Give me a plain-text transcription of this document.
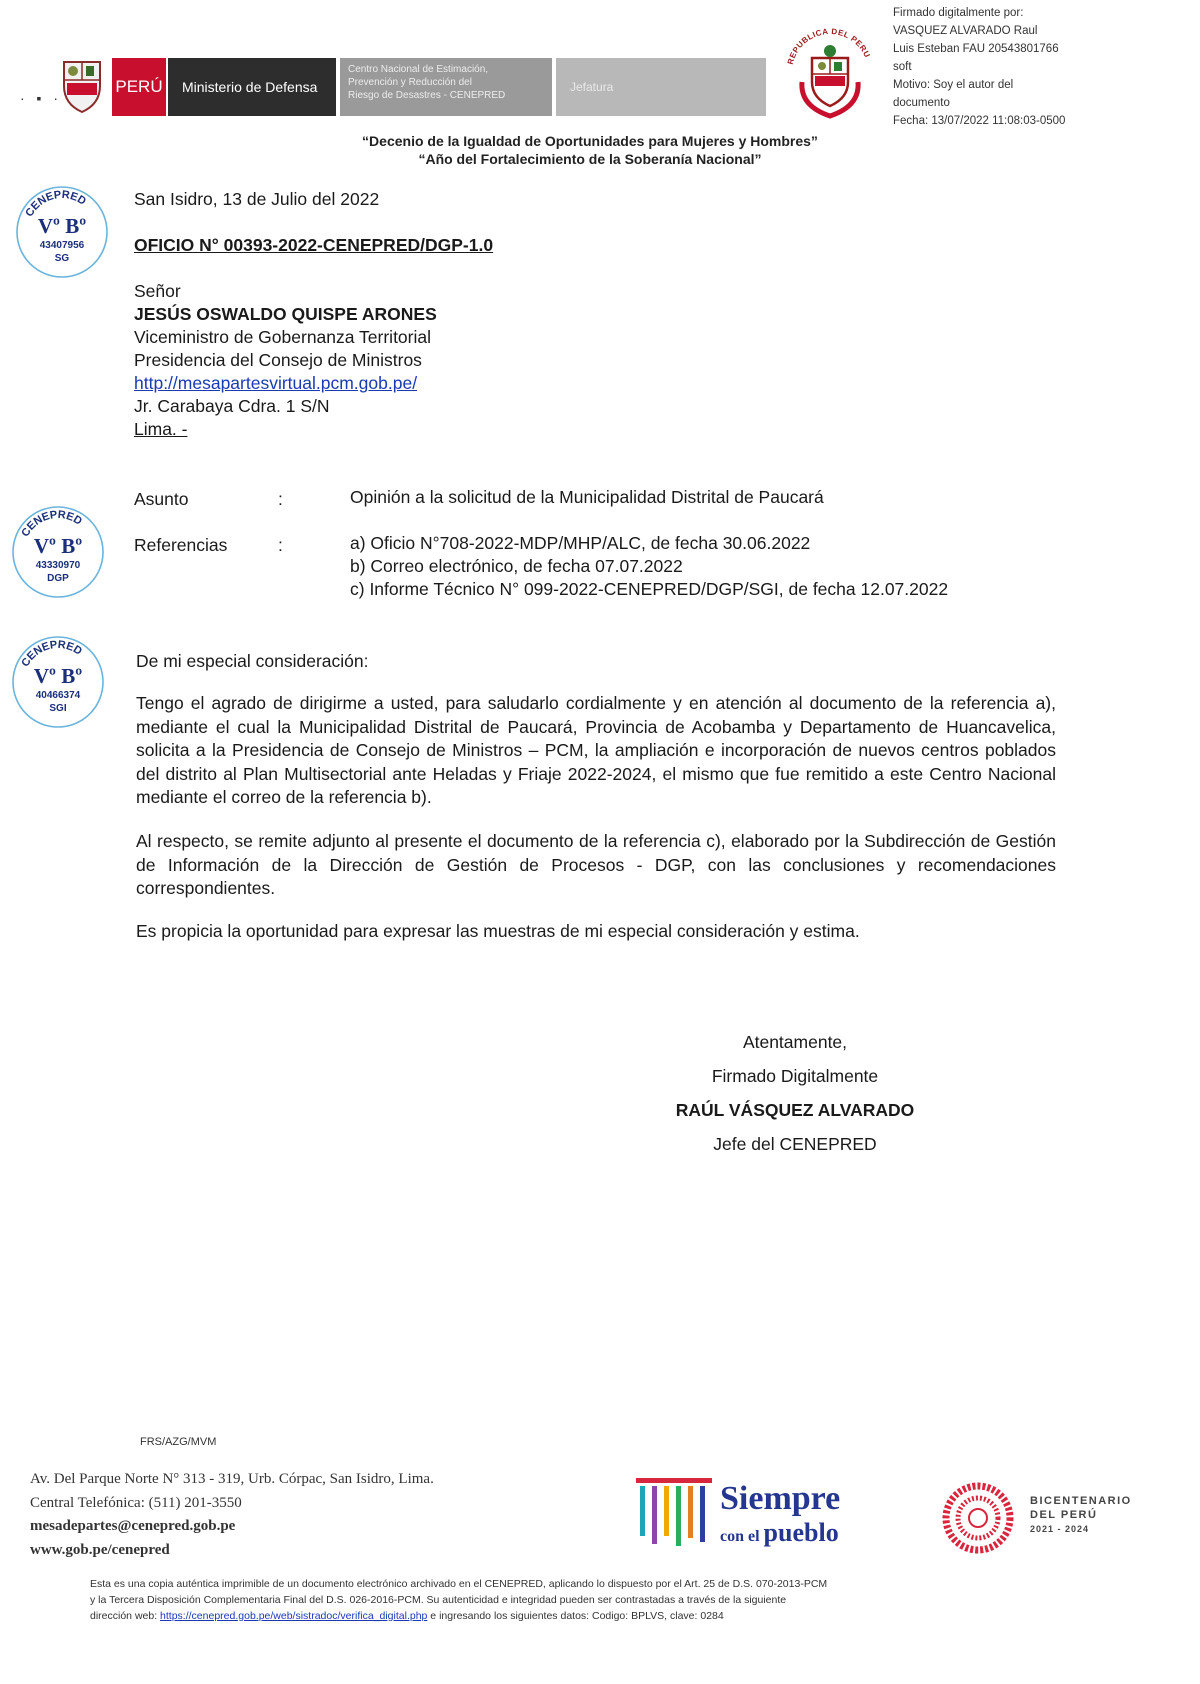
· ▪ ·
PERÚ	Ministerio de Defensa
Centro Nacional de Estimación,
Prevención y Reducción del
Riesgo de Desastres - CENEPRED
Jefatura
REPUBLICA DEL PERU
Firmado digitalmente por:
VASQUEZ ALVARADO Raul
Luis Esteban FAU 20543801766
soft
Motivo: Soy el autor del
documento
Fecha: 13/07/2022 11:08:03-0500
“Decenio de la Igualdad de Oportunidades para Mujeres y Hombres”
“Año del Fortalecimiento de la Soberanía Nacional”
CENEPRED
Vº Bº
43407956
SG
CENEPRED
Vº Bº
43330970
DGP
CENEPRED
Vº Bº
40466374
SGI
San Isidro, 13 de Julio del 2022
OFICIO N° 00393-2022-CENEPRED/DGP-1.0
Señor
JESÚS OSWALDO QUISPE ARONES
Viceministro de Gobernanza Territorial
Presidencia del Consejo de Ministros
http://mesapartesvirtual.pcm.gob.pe/
Jr. Carabaya Cdra. 1 S/N
Lima. -
Asunto	:	Opinión a la solicitud de la Municipalidad Distrital de Paucará
Referencias	:	a) Oficio N°708-2022-MDP/MHP/ALC, de fecha 30.06.2022
b) Correo electrónico, de fecha 07.07.2022
c) Informe Técnico N° 099-2022-CENEPRED/DGP/SGI, de fecha 12.07.2022
De mi especial consideración:
Tengo el agrado de dirigirme a usted, para saludarlo cordialmente y en atención al documento de la referencia a), mediante el cual la Municipalidad Distrital de Paucará, Provincia de Acobamba y Departamento de Huancavelica, solicita a la Presidencia de Consejo de Ministros – PCM, la ampliación e incorporación de nuevos centros poblados del distrito al Plan Multisectorial ante Heladas y Friaje 2022-2024, el mismo que fue remitido a este Centro Nacional mediante el correo de la referencia b).
Al respecto, se remite adjunto al presente el documento de la referencia c), elaborado por la Subdirección de Gestión de Información de la Dirección de Gestión de Procesos - DGP, con las conclusiones y recomendaciones correspondientes.
Es propicia la oportunidad para expresar las muestras de mi especial consideración y estima.
Atentamente,
Firmado Digitalmente
RAÚL VÁSQUEZ ALVARADO
Jefe del CENEPRED
FRS/AZG/MVM
Av. Del Parque Norte N° 313 - 319, Urb. Córpac, San Isidro, Lima.
Central Telefónica: (511) 201-3550
mesadepartes@cenepred.gob.pe
www.gob.pe/cenepred
Siempre
con el pueblo
BICENTENARIO
DEL PERÚ
2021 - 2024
Esta es una copia auténtica imprimible de un documento electrónico archivado en el CENEPRED, aplicando lo dispuesto por el Art. 25 de D.S. 070-2013-PCM
y la Tercera Disposición Complementaria Final del D.S. 026-2016-PCM. Su autenticidad e integridad pueden ser contrastadas a través de la siguiente
dirección web: https://cenepred.gob.pe/web/sistradoc/verifica_digital.php e ingresando los siguientes datos: Codigo: BPLVS, clave: 0284
